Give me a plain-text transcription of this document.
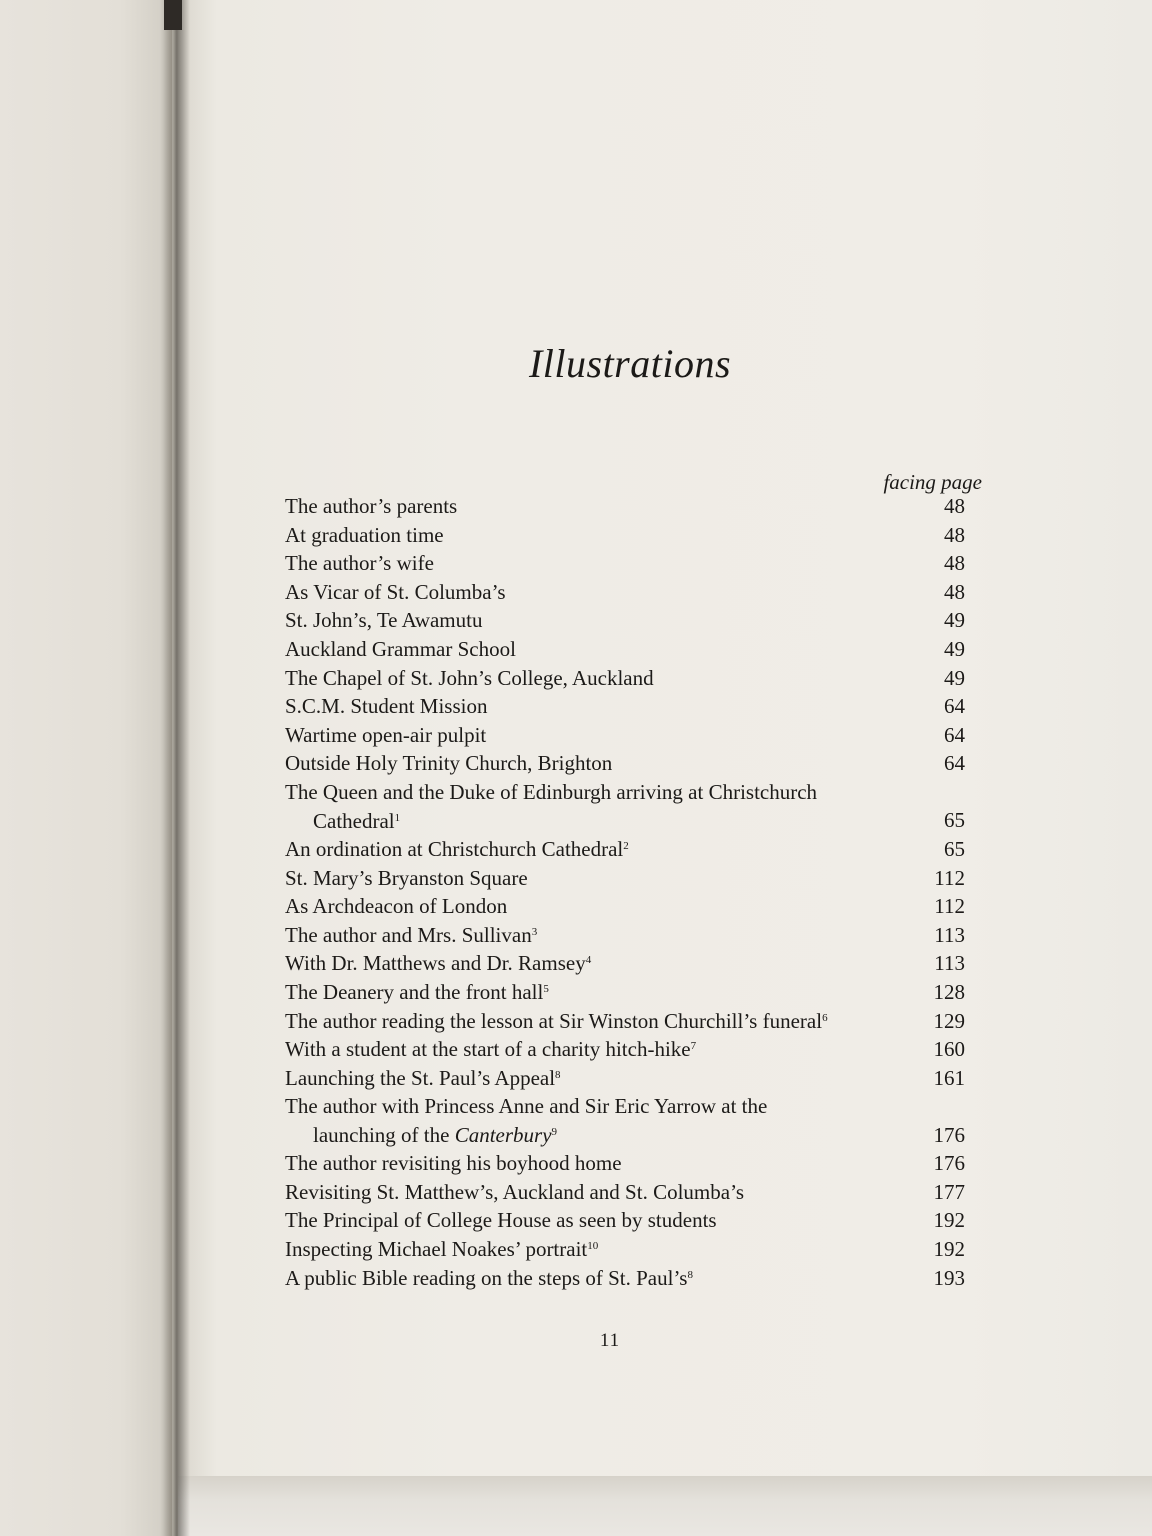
Illustrations
facing page
The author’s parents	48
At graduation time	48
The author’s wife	48
As Vicar of St. Columba’s	48
St. John’s, Te Awamutu	49
Auckland Grammar School	49
The Chapel of St. John’s College, Auckland	49
S.C.M. Student Mission	64
Wartime open-air pulpit	64
Outside Holy Trinity Church, Brighton	64
The Queen and the Duke of Edinburgh arriving at Christchurch
Cathedral$^1$	65
An ordination at Christchurch Cathedral$^2$	65
St. Mary’s Bryanston Square	112
As Archdeacon of London	112
The author and Mrs. Sullivan$^3$	113
With Dr. Matthews and Dr. Ramsey$^4$	113
The Deanery and the front hall$^5$	128
The author reading the lesson at Sir Winston Churchill’s funeral$^6$	129
With a student at the start of a charity hitch-hike$^7$	160
Launching the St. Paul’s Appeal$^8$	161
The author with Princess Anne and Sir Eric Yarrow at the
launching of the Canterbury$^9$	176
The author revisiting his boyhood home	176
Revisiting St. Matthew’s, Auckland and St. Columba’s	177
The Principal of College House as seen by students	192
Inspecting Michael Noakes’ portrait$^{10}$	192
A public Bible reading on the steps of St. $Paul’s^8$	193
11
